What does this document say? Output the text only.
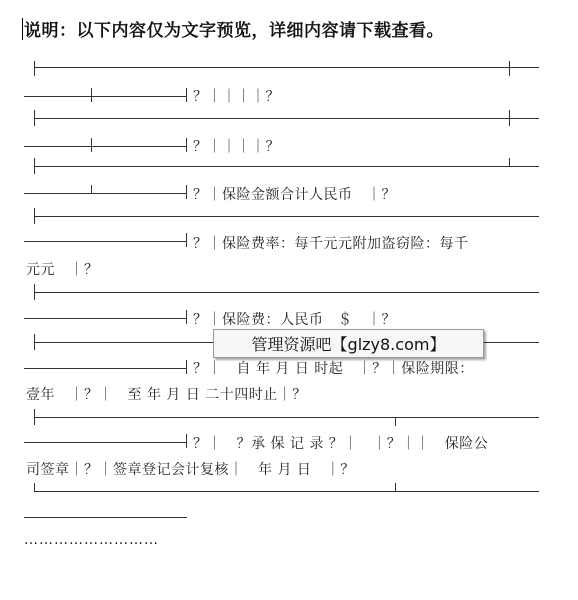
说明：以下内容仅为文字预览，详细内容请下载查看。
？｜｜｜｜？
？｜｜｜｜？
？｜保险金额合计人民币　｜？
？｜保险费率：每千元元附加盗窃险：每千
元元　｜？
？｜保险费：人民币　＄　｜？
？｜　自 年 月 日 时起　｜？｜保险期限：
壹年　｜？｜　至 年 月 日 二十四时止｜？
？｜　？承 保 记 录 ？｜　｜？｜｜　保险公
司签章｜？｜签章登记会计复核｜　年 月 日　｜？
………………………
管理资源吧【glzy8.com】
